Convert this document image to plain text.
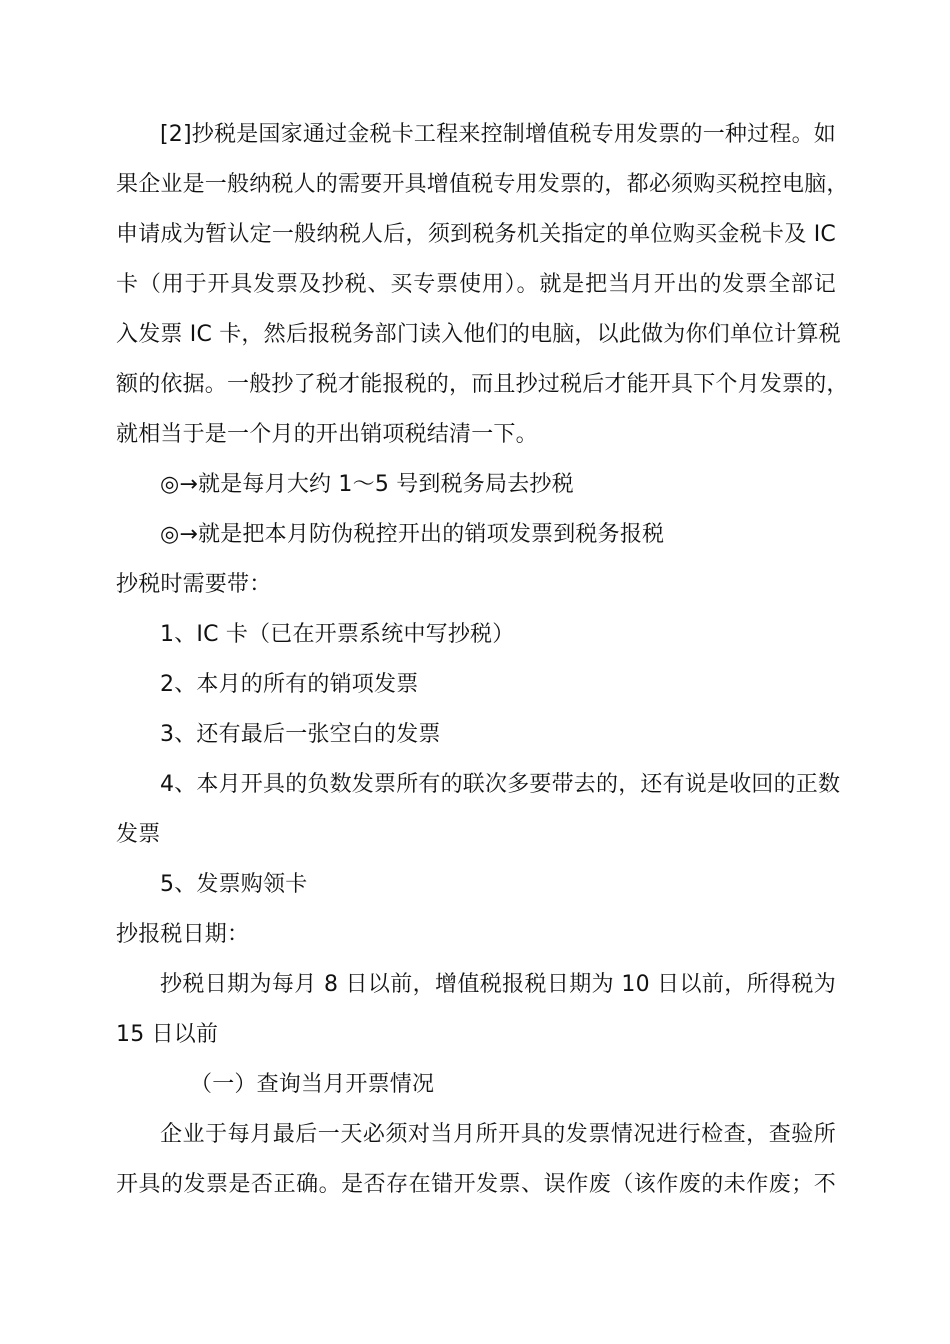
[2]抄税是国家通过金税卡工程来控制增值税专用发票的一种过程。如
果企业是一般纳税人的需要开具增值税专用发票的，都必须购买税控电脑，
申请成为暂认定一般纳税人后，须到税务机关指定的单位购买金税卡及 IC
卡（用于开具发票及抄税、买专票使用）。就是把当月开出的发票全部记
入发票 IC 卡，然后报税务部门读入他们的电脑，以此做为你们单位计算税
额的依据。一般抄了税才能报税的，而且抄过税后才能开具下个月发票的，
就相当于是一个月的开出销项税结清一下。
◎→就是每月大约 1～5 号到税务局去抄税
◎→就是把本月防伪税控开出的销项发票到税务报税
抄税时需要带：
1、IC 卡（已在开票系统中写抄税）
2、本月的所有的销项发票
3、还有最后一张空白的发票
4、本月开具的负数发票所有的联次多要带去的，还有说是收回的正数
发票
5、发票购领卡
抄报税日期：
抄税日期为每月 8 日以前，增值税报税日期为 10 日以前，所得税为
15 日以前
（一）查询当月开票情况
企业于每月最后一天必须对当月所开具的发票情况进行检查，查验所
开具的发票是否正确。是否存在错开发票、误作废（该作废的未作废；不
